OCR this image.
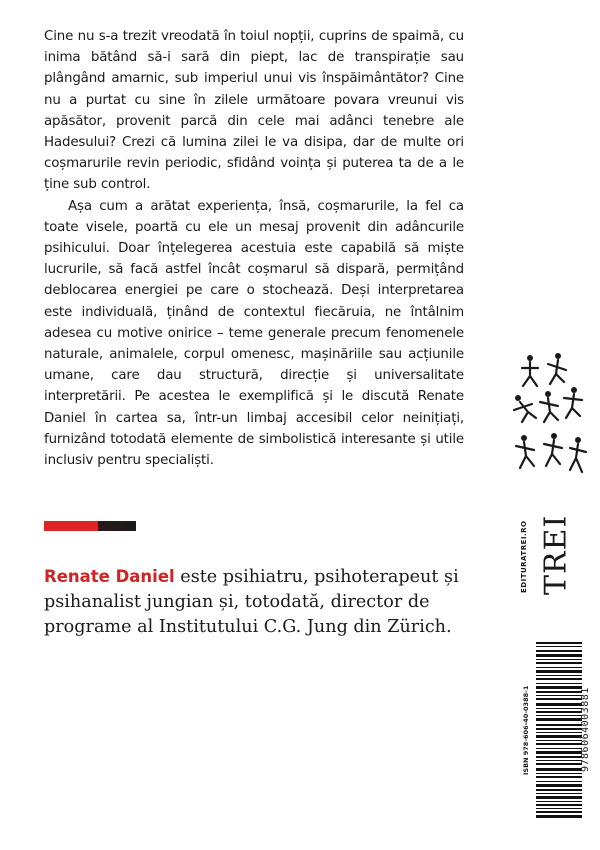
Cine nu s-a trezit vreodată în toiul nopții, cuprins de spaimă, cu inima bătând să-i sară din piept, lac de transpirație sau plângând amarnic, sub imperiul unui vis înspăimântător? Cine nu a purtat cu sine în zilele următoare povara vreunui vis apăsător, provenit parcă din cele mai adânci tenebre ale Hadesului? Crezi că lumina zilei le va disipa, dar de multe ori coșmarurile revin periodic, sfidând voința și puterea ta de a le ține sub control.

Așa cum a arătat experiența, însă, coșmarurile, la fel ca toate visele, poartă cu ele un mesaj provenit din adâncurile psihicului. Doar înțelegerea acestuia este capabilă să miște lucrurile, să facă astfel încât coșmarul să dispară, permițând deblocarea energiei pe care o stochează. Deși interpretarea este individuală, ținând de contextul fiecăruia, ne întâlnim adesea cu motive onirice – teme generale precum fenomenele naturale, animalele, corpul omenesc, mașinăriile sau acțiunile umane, care dau structură, direcție și universalitate interpretării. Pe acestea le exemplifică și le discută Renate Daniel în cartea sa, într-un limbaj accesibil celor neinițiați, furnizând totodată elemente de simbolistică interesante și utile inclusiv pentru specialiști.

Renate Daniel este psihiatru, psihoterapeut și psihanalist jungian și, totodată, director de programe al Institutului C.G. Jung din Zürich.
EDITURATREI.RO TREI
ISBN 978-606-40-0388-1	9786064003881
